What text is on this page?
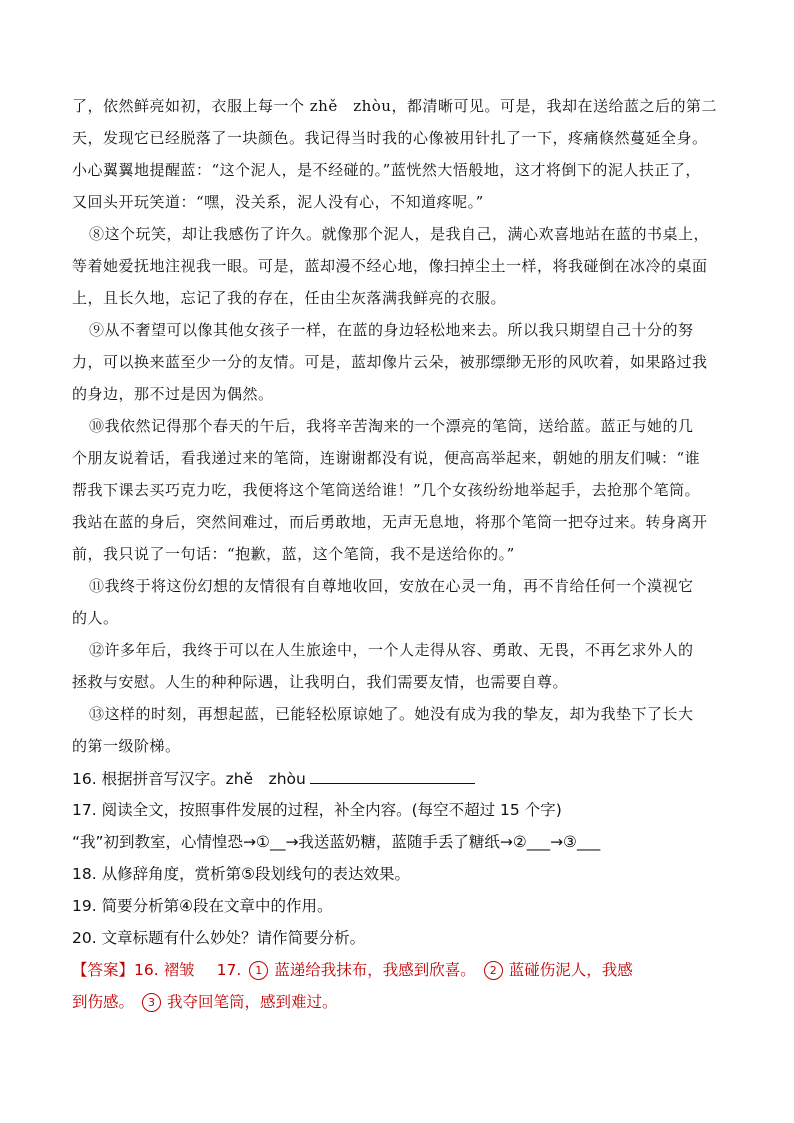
了，依然鲜亮如初，衣服上每一个 zhě　zhòu，都清晰可见。可是，我却在送给蓝之后的第二
天，发现它已经脱落了一块颜色。我记得当时我的心像被用针扎了一下，疼痛倏然蔓延全身。
小心翼翼地提醒蓝：“这个泥人，是不经碰的。”蓝恍然大悟般地，这才将倒下的泥人扶正了，
又回头开玩笑道：“嘿，没关系，泥人没有心，不知道疼呢。”
⑧这个玩笑，却让我感伤了许久。就像那个泥人，是我自己，满心欢喜地站在蓝的书桌上，
等着她爱抚地注视我一眼。可是，蓝却漫不经心地，像扫掉尘土一样，将我碰倒在冰冷的桌面
上，且长久地，忘记了我的存在，任由尘灰落满我鲜亮的衣服。
⑨从不奢望可以像其他女孩子一样，在蓝的身边轻松地来去。所以我只期望自己十分的努
力，可以换来蓝至少一分的友情。可是，蓝却像片云朵，被那缥缈无形的风吹着，如果路过我
的身边，那不过是因为偶然。
⑩我依然记得那个春天的午后，我将辛苦淘来的一个漂亮的笔筒，送给蓝。蓝正与她的几
个朋友说着话，看我递过来的笔筒，连谢谢都没有说，便高高举起来，朝她的朋友们喊：“谁
帮我下课去买巧克力吃，我便将这个笔筒送给谁！”几个女孩纷纷地举起手，去抢那个笔筒。
我站在蓝的身后，突然间难过，而后勇敢地，无声无息地，将那个笔筒一把夺过来。转身离开
前，我只说了一句话：“抱歉，蓝，这个笔筒，我不是送给你的。”
⑪我终于将这份幻想的友情很有自尊地收回，安放在心灵一角，再不肯给任何一个漠视它
的人。
⑫许多年后，我终于可以在人生旅途中，一个人走得从容、勇敢、无畏，不再乞求外人的
拯救与安慰。人生的种种际遇，让我明白，我们需要友情，也需要自尊。
⑬这样的时刻，再想起蓝，已能轻松原谅她了。她没有成为我的挚友，却为我垫下了长大
的第一级阶梯。
16. 根据拼音写汉字。zhě　zhòu
17. 阅读全文，按照事件发展的过程，补全内容。(每空不超过 15 个字)
“我”初到教室，心情惶恐→①__→我送蓝奶糖，蓝随手丢了糖纸→②___→③___
18. 从修辞角度，赏析第⑤段划线句的表达效果。
19. 简要分析第④段在文章中的作用。
20. 文章标题有什么妙处？请作简要分析。
【答案】16. 褶皱 17. 1 蓝递给我抹布，我感到欣喜。 2 蓝碰伤泥人，我感
到伤感。 3 我夺回笔筒，感到难过。
